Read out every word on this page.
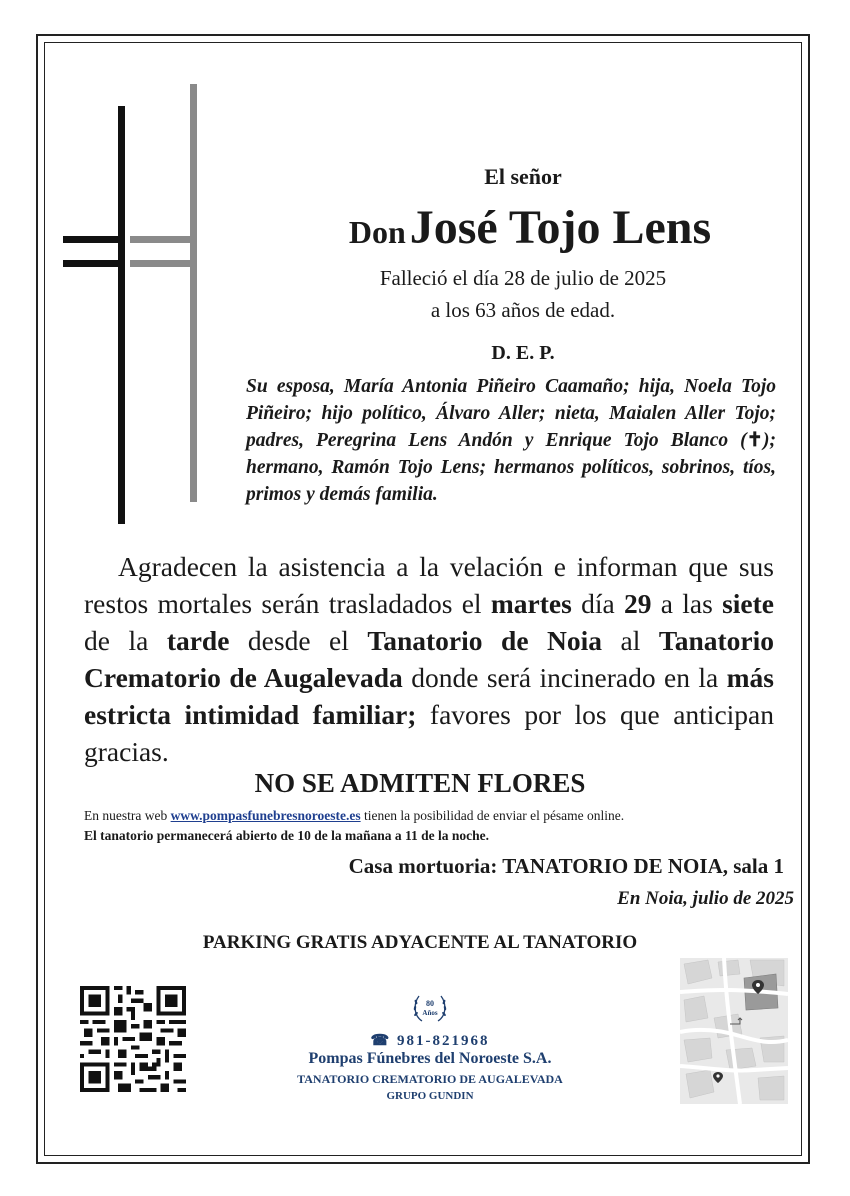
El señor
Don José Tojo Lens
Falleció el día 28 de julio de 2025
a los 63 años de edad.
D. E. P.
Su esposa, María Antonia Piñeiro Caamaño; hija, Noela Tojo Piñeiro; hijo político, Álvaro Aller; nieta, Maialen Aller Tojo; padres, Peregrina Lens Andón y Enrique Tojo Blanco (✝); hermano, Ramón Tojo Lens; hermanos políticos, sobrinos, tíos, primos y demás familia.
Agradecen la asistencia a la velación e informan que sus restos mortales serán trasladados el martes día 29 a las siete de la tarde desde el Tanatorio de Noia al Tanatorio Crematorio de Augalevada donde será incinerado en la más estricta intimidad familiar; favores por los que anticipan gracias.
NO SE ADMITEN FLORES
En nuestra web www.pompasfunebresnoroeste.es tienen la posibilidad de enviar el pésame online.
El tanatorio permanecerá abierto de 10 de la mañana a 11 de la noche.
Casa mortuoria: TANATORIO DE NOIA, sala 1
En Noia, julio de 2025
PARKING GRATIS ADYACENTE AL TANATORIO
80
Años
☎ 981-821968
Pompas Fúnebres del Noroeste S.A.
TANATORIO CREMATORIO DE AUGALEVADA
GRUPO GUNDIN
